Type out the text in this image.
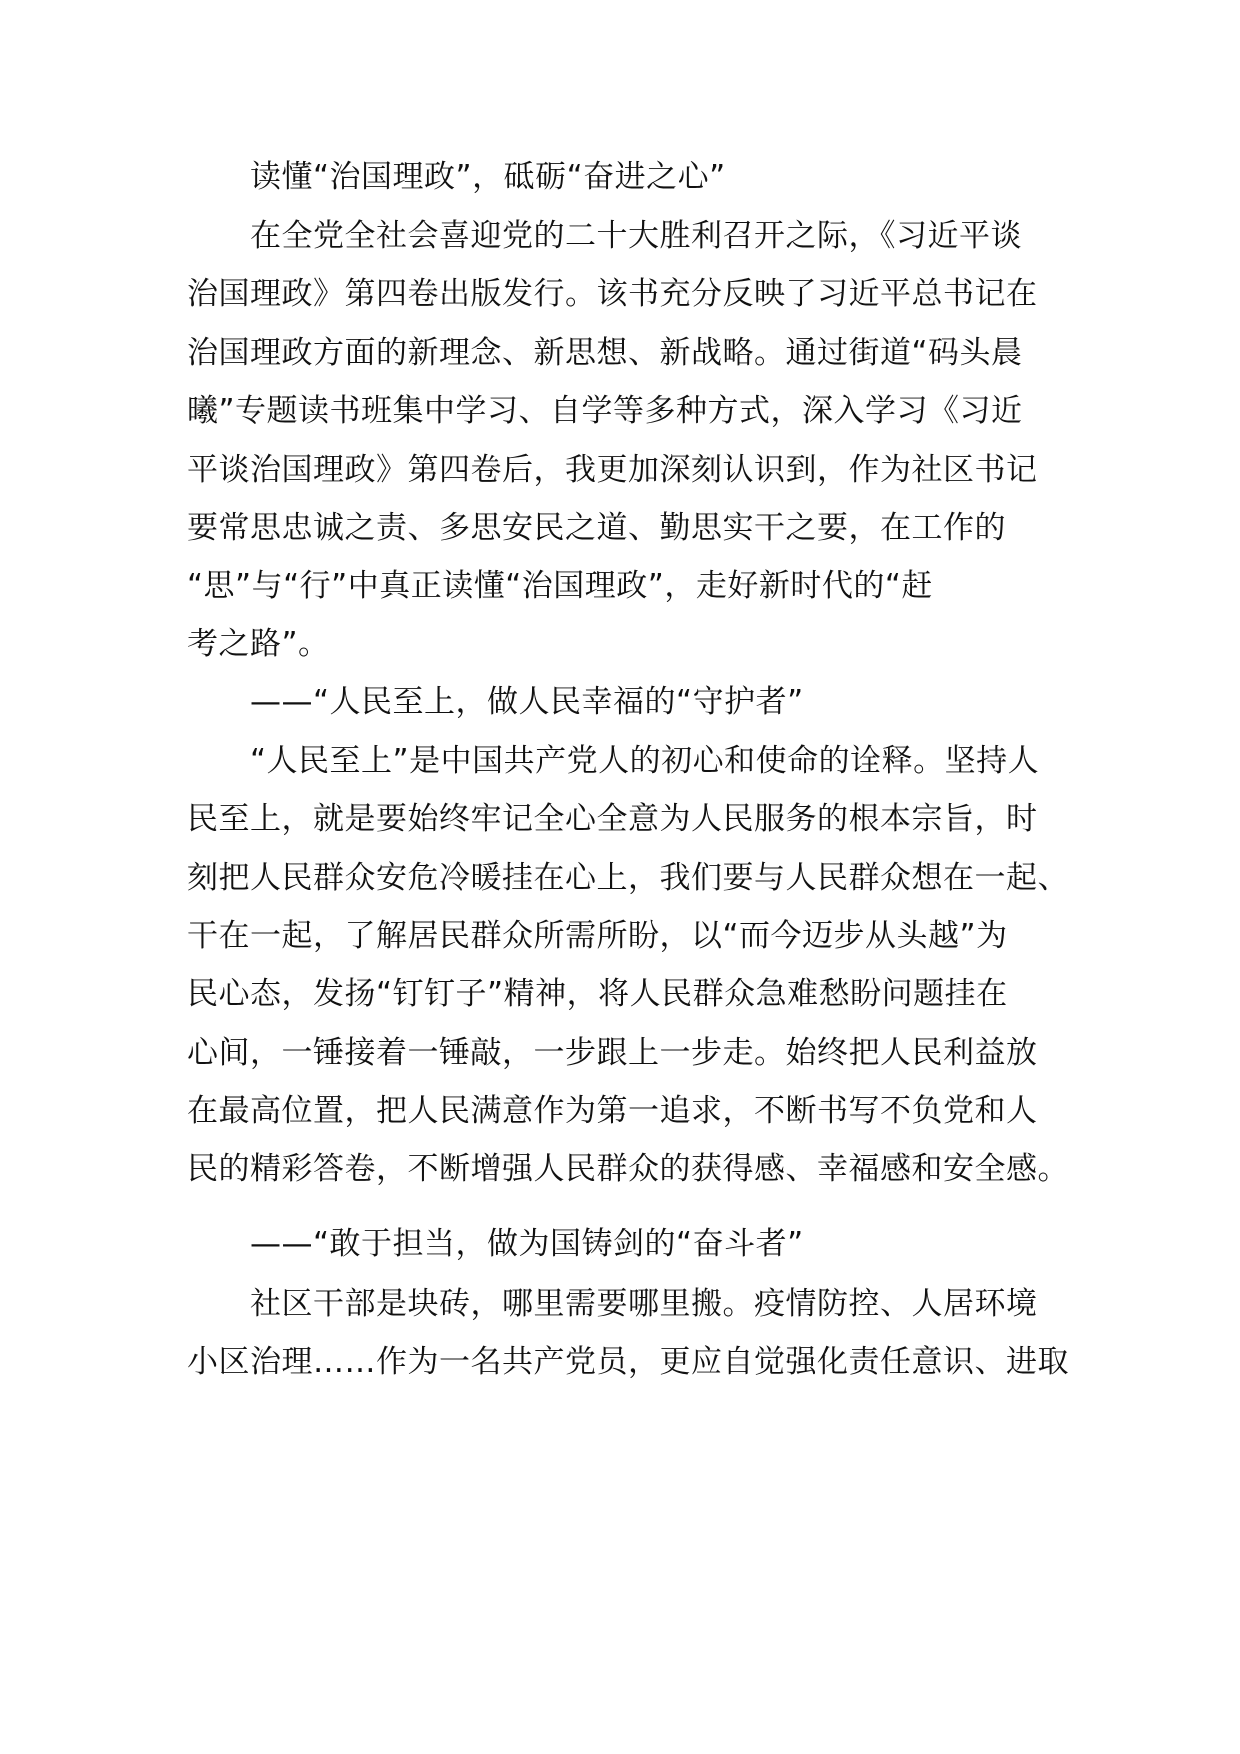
读懂“治国理政”，砥砺“奋进之心”
在全党全社会喜迎党的二十大胜利召开之际，《习近平谈
治国理政》第四卷出版发行。该书充分反映了习近平总书记在
治国理政方面的新理念、新思想、新战略。通过街道“码头晨
曦”专题读书班集中学习、自学等多种方式，深入学习《习近
平谈治国理政》第四卷后，我更加深刻认识到，作为社区书记
要常思忠诚之责、多思安民之道、勤思实干之要，在工作的
“思”与“行”中真正读懂“治国理政”，走好新时代的“赶
考之路”。
——“人民至上，做人民幸福的“守护者”
“人民至上”是中国共产党人的初心和使命的诠释。坚持人
民至上，就是要始终牢记全心全意为人民服务的根本宗旨，时
刻把人民群众安危冷暖挂在心上，我们要与人民群众想在一起、
干在一起，了解居民群众所需所盼，以“而今迈步从头越”为
民心态，发扬“钉钉子”精神，将人民群众急难愁盼问题挂在
心间，一锤接着一锤敲，一步跟上一步走。始终把人民利益放
在最高位置，把人民满意作为第一追求，不断书写不负党和人
民的精彩答卷，不断增强人民群众的获得感、幸福感和安全感。
——“敢于担当，做为国铸剑的“奋斗者”
社区干部是块砖，哪里需要哪里搬。疫情防控、人居环境
小区治理……作为一名共产党员，更应自觉强化责任意识、进取
